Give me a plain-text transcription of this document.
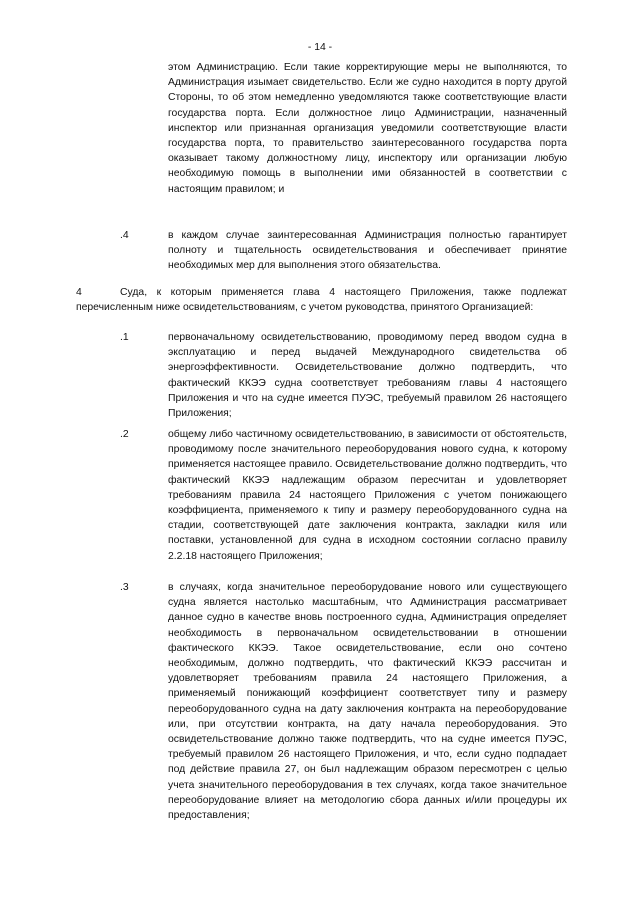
- 14 -

этом Администрацию. Если такие корректирующие меры не выполняются, то Администрация изымает свидетельство. Если же судно находится в порту другой Стороны, то об этом немедленно уведомляются также соответствующие власти государства порта. Если должностное лицо Администрации, назначенный инспектор или признанная организация уведомили соответствующие власти государства порта, то правительство заинтересованного государства порта оказывает такому должностному лицу, инспектору или организации любую необходимую помощь в выполнении ими обязанностей в соответствии с настоящим правилом; и

.4	в каждом случае заинтересованная Администрация полностью гарантирует полноту и тщательность освидетельствования и обеспечивает принятие необходимых мер для выполнения этого обязательства.

4	Суда, к которым применяется глава 4 настоящего Приложения, также подлежат перечисленным ниже освидетельствованиям, с учетом руководства, принятого Организацией:

.1	первоначальному освидетельствованию, проводимому перед вводом судна в эксплуатацию и перед выдачей Международного свидетельства об энергоэффективности. Освидетельствование должно подтвердить, что фактический ККЭЭ судна соответствует требованиям главы 4 настоящего Приложения и что на судне имеется ПУЭС, требуемый правилом 26 настоящего Приложения;

.2	общему либо частичному освидетельствованию, в зависимости от обстоятельств, проводимому после значительного переоборудования нового судна, к которому применяется настоящее правило. Освидетельствование должно подтвердить, что фактический ККЭЭ надлежащим образом пересчитан и удовлетворяет требованиям правила 24 настоящего Приложения с учетом понижающего коэффициента, применяемого к типу и размеру переоборудованного судна на стадии, соответствующей дате заключения контракта, закладки киля или поставки, установленной для судна в исходном состоянии согласно правилу 2.2.18 настоящего Приложения;

.3	в случаях, когда значительное переоборудование нового или существующего судна является настолько масштабным, что Администрация рассматривает данное судно в качестве вновь построенного судна, Администрация определяет необходимость в первоначальном освидетельствовании в отношении фактического ККЭЭ. Такое освидетельствование, если оно сочтено необходимым, должно подтвердить, что фактический ККЭЭ рассчитан и удовлетворяет требованиям правила 24 настоящего Приложения, а применяемый понижающий коэффициент соответствует типу и размеру переоборудованного судна на дату заключения контракта на переоборудование или, при отсутствии контракта, на дату начала переоборудования. Это освидетельствование должно также подтвердить, что на судне имеется ПУЭС, требуемый правилом 26 настоящего Приложения, и что, если судно подпадает под действие правила 27, он был надлежащим образом пересмотрен с целью учета значительного переоборудования в тех случаях, когда такое значительное переоборудование влияет на методологию сбора данных и/или процедуры их предоставления;
